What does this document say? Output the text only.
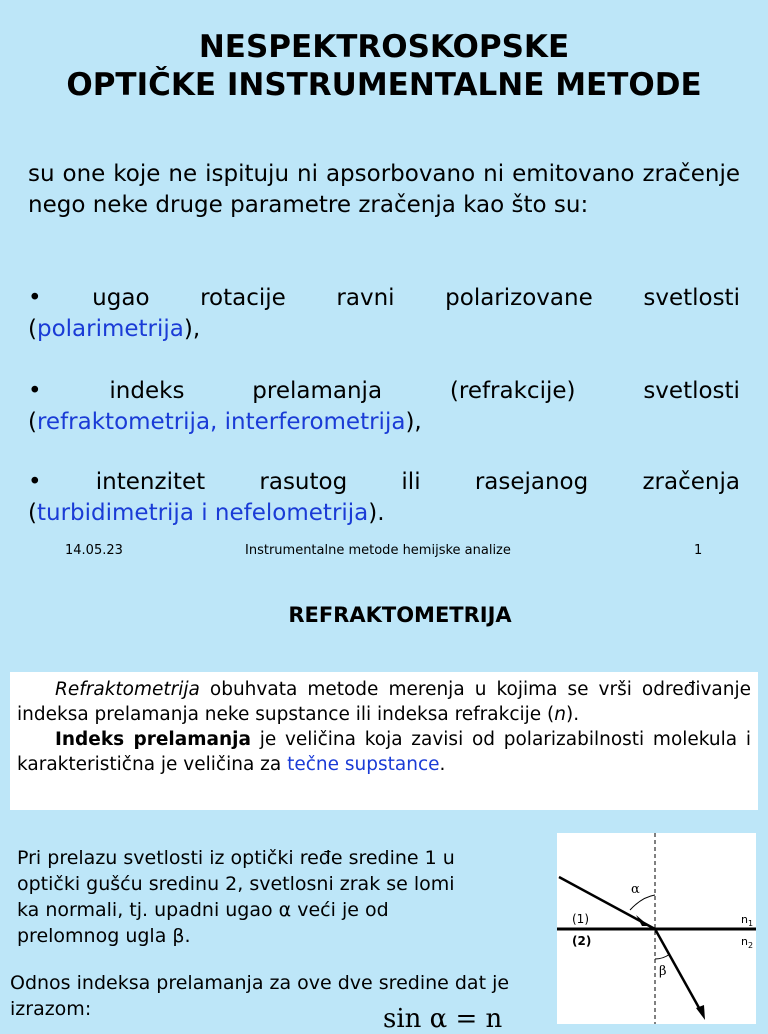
NESPEKTROSKOPSKE
OPTIČKE INSTRUMENTALNE METODE
su one koje ne ispituju ni apsorbovano ni emitovano zračenje nego neke druge parametre zračenja kao što su:
• ugao rotacije ravni polarizovane svetlosti
(polarimetrija),
•	indeks	prelamanja	(refrakcije)	svetlosti
(refraktometrija, interferometrija),
• intenzitet rasutog ili rasejanog zračenja
(turbidimetrija i nefelometrija).
14.05.23	Instrumentalne metode hemijske analize	1
REFRAKTOMETRIJA

Refraktometrija obuhvata metode merenja u kojima se vrši određivanje indeksa prelamanja neke supstance ili indeksa refrakcije (n).

Indeks prelamanja je veličina koja zavisi od polarizabilnosti molekula i karakteristična je veličina za tečne supstance.

Pri prelazu svetlosti iz optički ređe sredine 1 u optički gušću sredinu 2, svetlosni zrak se lomi ka normali, tj. upadni ugao α veći je od prelomnog ugla β.
Odnos indeksa prelamanja za ove dve sredine dat je izrazom:	sin α = n
α
β
(1)
(2)
$n_1$
$n_2$
